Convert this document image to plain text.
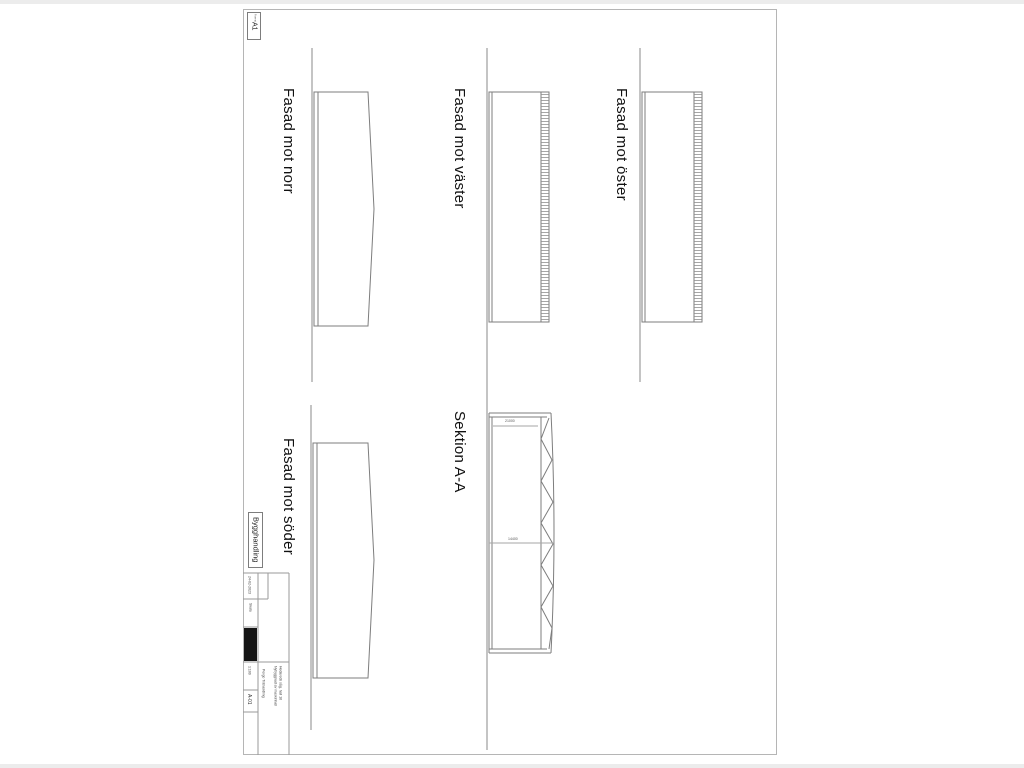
Fasad mot norr	Fasad mot väster	Fasad mot öster
Fasad mot söder	Sektion A-A	21000
14400
Format
A1
Bygghandling
24-02-2023
Skala
1:100
A-01	Hedareds såg, hall 18
Nybyggnad av maskinhall
Pergo Trähandling
